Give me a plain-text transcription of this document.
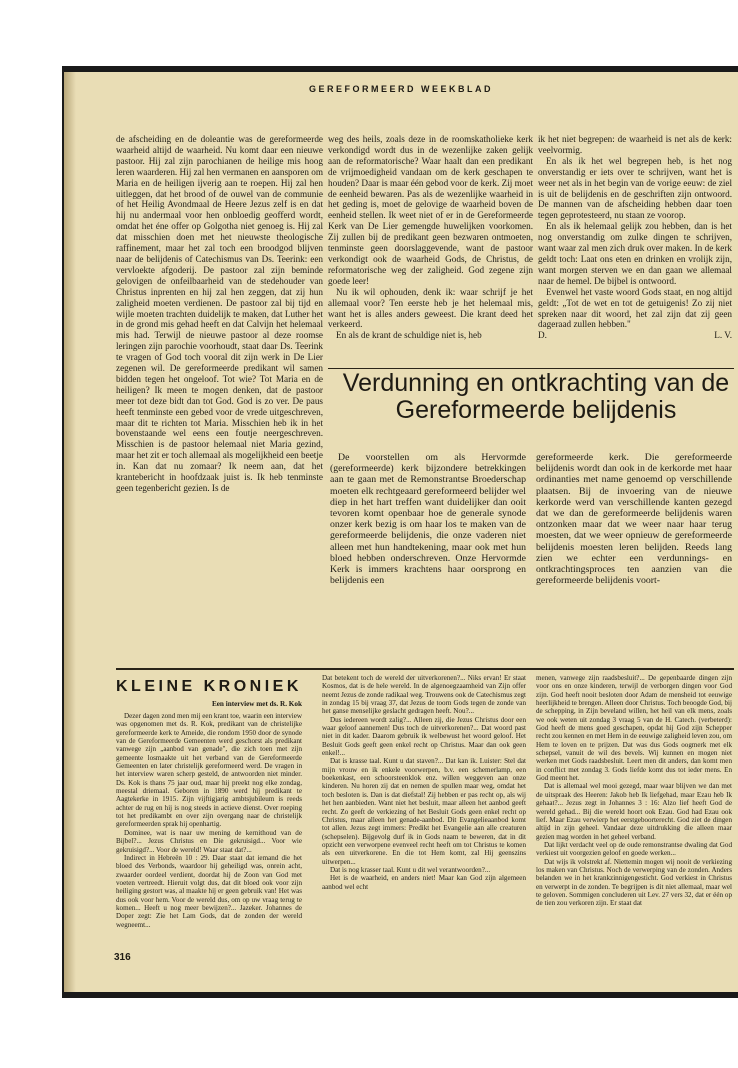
GEREFORMEERD WEEKBLAD

de afscheiding en de doleantie was de gereformeerde waarheid altijd de waarheid. Nu komt daar een nieuwe pastoor. Hij zal zijn parochianen de heilige mis hoog leren waarderen. Hij zal hen vermanen en aansporen om Maria en de heiligen ijverig aan te roepen. Hij zal hen uitleggen, dat het brood of de ouwel van de communie of het Heilig Avondmaal de Heere Jezus zelf is en dat hij nu andermaal voor hen onbloedig geofferd wordt, omdat het éne offer op Golgotha niet genoeg is. Hij zal dat misschien doen met het nieuwste theologische raffinement, maar het zal toch een broodgod blijven naar de belijdenis of Catechismus van Ds. Teerink: een vervloekte afgoderij. De pastoor zal zijn beminde gelovigen de onfeilbaarheid van de stedehouder van Christus inprenten en hij zal hen zeggen, dat zij hun zaligheid moeten verdienen. De pastoor zal bij tijd en wijle moeten trachten duidelijk te maken, dat Luther het in de grond mis gehad heeft en dat Calvijn het helemaal mis had. Terwijl de nieuwe pastoor al deze roomse leringen zijn parochie voorhoudt, staat daar Ds. Teerink te vragen of God toch vooral dit zijn werk in De Lier zegenen wil. De gereformeerde predikant wil samen bidden tegen het ongeloof. Tot wie? Tot Maria en de heiligen? Ik meen te mogen denken, dat de pastoor meer tot deze bidt dan tot God. God is zo ver. De paus heeft tenminste een gebed voor de vrede uitgeschreven, maar dit te richten tot Maria. Misschien heb ik in het bovenstaande wel eens een foutje neergeschreven. Misschien is de pastoor helemaal niet Maria gezind, maar het zit er toch allemaal als mogelijkheid een beetje in. Kan dat nu zomaar? Ik neem aan, dat het krantebericht in hoofdzaak juist is. Ik heb tenminste geen tegenbericht gezien. Is de

weg des heils, zoals deze in de roomskatholieke kerk verkondigd wordt dus in de wezenlijke zaken gelijk aan de reformatorische? Waar haalt dan een predikant de vrijmoedigheid vandaan om de kerk geschapen te houden? Daar is maar één gebod voor de kerk. Zij moet de eenheid bewaren. Pas als de wezenlijke waarheid in het geding is, moet de gelovige de waarheid boven de eenheid stellen. Ik weet niet of er in de Gereformeerde Kerk van De Lier gemengde huwelijken voorkomen. Zij zullen bij de predikant geen bezwaren ontmoeten, tenminste geen doorslaggevende, want de pastoor verkondigt ook de waarheid Gods, de Christus, de reformatorische weg der zaligheid. God zegene zijn goede leer!

Nu ik wil ophouden, denk ik: waar schrijf je het allemaal voor? Ten eerste heb je het helemaal mis, want het is alles anders geweest. Die krant deed het verkeerd.

En als de krant de schuldige niet is, heb

ik het niet begrepen: de waarheid is net als de kerk: veelvormig.

En als ik het wel begrepen heb, is het nog onverstandig er iets over te schrijven, want het is weer net als in het begin van de vorige eeuw: de ziel is uit de belijdenis en de geschriften zijn ontwoord. De mannen van de afscheiding hebben daar toen tegen geprotesteerd, nu staan ze voorop.

En als ik helemaal gelijk zou hebben, dan is het nog onverstandig om zulke dingen te schrijven, want waar zal men zich druk over maken. In de kerk geldt toch: Laat ons eten en drinken en vrolijk zijn, want morgen sterven we en dan gaan we allemaal naar de hemel. De bijbel is ontwoord.

Evenwel het vaste woord Gods staat, en nog altijd geldt: „Tot de wet en tot de getuigenis! Zo zij niet spreken naar dit woord, het zal zijn dat zij geen dageraad zullen hebben."

D.	L. V.
Verdunning en ontkrachting van de Gereformeerde belijdenis

De voorstellen om als Hervormde (gereformeerde) kerk bijzondere betrekkingen aan te gaan met de Remonstrantse Broederschap moeten elk rechtgeaard gereformeerd belijder wel diep in het hart treffen want duidelijker dan ooit tevoren komt openbaar hoe de generale synode onzer kerk bezig is om haar los te maken van de gereformeerde belijdenis, die onze vaderen niet alleen met hun handtekening, maar ook met hun bloed hebben onderschreven. Onze Hervormde Kerk is immers krachtens haar oorsprong en belijdenis een

gereformeerde kerk. Die gereformeerde belijdenis wordt dan ook in de kerkorde met haar ordinanties met name genoemd op verschillende plaatsen. Bij de invoering van de nieuwe kerkorde werd van verschillende kanten gezegd dat we dan de gereformeerde belijdenis waren ontzonken maar dat we weer naar haar terug moesten, dat we weer opnieuw de gereformeerde belijdenis moesten leren belijden. Reeds lang zien we echter een verdunnings- en ontkrachtingsproces ten aanzien van die gereformeerde belijdenis voort-

KLEINE KRONIEK
Een interview met ds. R. Kok

Dezer dagen zond men mij een krant toe, waarin een interview was opgenomen met ds. R. Kok, predikant van de christelijke gereformeerde kerk te Ameide, die rondom 1950 door de synode van de Gereformeerde Gemeenten werd geschorst als predikant vanwege zijn „aanbod van genade", die zich toen met zijn gemeente losmaakte uit het verband van de Gereformeerde Gemeenten en later christelijk gereformeerd werd. De vragen in het interview waren scherp gesteld, de antwoorden niet minder. Ds. Kok is thans 75 jaar oud, maar hij preekt nog elke zondag, meestal driemaal. Geboren in 1890 werd hij predikant te Aagtekerke in 1915. Zijn vijftigjarig ambtsjubileum is reeds achter de rug en hij is nog steeds in actieve dienst. Over roeping tot het predikambt en over zijn overgang naar de christelijk gereformeerden sprak hij openhartig.

Dominee, wat is naar uw mening de kernithoud van de Bijbel?... Jezus Christus en Die gekruisigd... Voor wie gekruisigd?... Voor de wereld! Waar staat dat?...

Indirect in Hebreën 10 : 29. Daar staat dat iemand die het bloed des Verbonds, waardoor hij geheiligd was, onrein acht, zwaarder oordeel verdient, doordat hij de Zoon van God met voeten vertreedt. Hieruit volgt dus, dat dit bloed ook voor zijn heiliging gestort was, al maakte hij er geen gebruik van! Het was dus ook voor hem. Voor de wereld dus, om op uw vraag terug te komen... Heeft u nog meer bewijzen?... Jazeker. Johannes de Doper zegt: Zie het Lam Gods, dat de zonden der wereld wegneemt...

Dat betekent toch de wereld der uitverkorenen?... Niks ervan! Er staat Kosmos, dat is de hele wereld. In de algenoegzaamheid van Zijn offer neemt Jezus de zonde radikaal weg. Trouwens ook de Catechismus zegt in zondag 15 bij vraag 37, dat Jezus de toorn Gods tegen de zonde van het ganse menselijke geslacht gedragen heeft. Nou?...

Dus iedereen wordt zalig?... Alleen zij, die Jezus Christus door een waar geloof aannemen! Dus toch de uitverkorenen?... Dat woord past niet in dit kader. Daarom gebruik ik welbewust het woord geloof. Het Besluit Gods geeft geen enkel recht op Christus. Maar dan ook geen enkel!...

Dat is krasse taal. Kunt u dat staven?... Dat kan ik. Luister: Stel dat mijn vrouw en ik enkele voorwerpen, b.v. een schemerlamp, een boekenkast, een schoorsteenklok enz. willen weggeven aan onze kinderen. Nu horen zij dat en nemen de spullen maar weg, omdat het toch besloten is. Dan is dat diefstal! Zij hebben er pas recht op, als wij het hen aanbieden. Want niet het besluit, maar alleen het aanbod geeft recht. Zo geeft de verkiezing of het Besluit Gods geen enkel recht op Christus, maar alleen het genade-aanbod. Dit Evangelieaanbod komt tot allen. Jezus zegt immers: Predikt het Evangelie aan alle creaturen (schepselen). Bijgevolg durf ik in Gods naam te beweren, dat in dit opzicht een verworpene evenveel recht heeft om tot Christus te komen als een uitverkorene. En die tot Hem komt, zal Hij geenszins uitwerpen...

Dat is nog krasser taal. Kunt u dit wel verantwoorden?...

Het is de waarheid, en anders niet! Maar kan God zijn algemeen aanbod wel echt

menen, vanwege zijn raadsbesluit?... De gepenbaarde dingen zijn voor ons en onze kinderen, terwijl de verborgen dingen voor God zijn. God heeft nooit besloten door Adam de mensheid tot eeuwige heerlijkheid te brengen. Alleen door Christus. Toch beoogde God, bij de schepping, in Zijn beveland willen, het heil van elk mens, zoals we ook weten uit zondag 3 vraag 5 van de H. Catech. (verbeterd): God heeft de mens goed geschapen, opdat hij God zijn Schepper recht zou kennen en met Hem in de eeuwige zaligheid leven zou, om Hem te loven en te prijzen. Dat was dus Gods oogmerk met elk schepsel, vanuit de wil des bevels. Wij kunnen en mogen niet werken met Gods raadsbesluit. Leert men dit anders, dan komt men in conflict met zondag 3. Gods liefde komt dus tot ieder mens. En God meent het.

Dat is allemaal wel mooi gezegd, maar waar blijven we dan met de uitspraak des Heeren: Jakob heb Ik liefgehad, maar Ezau heb Ik gehaat?... Jezus zegt in Johannes 3 : 16: Alzo lief heeft God de wereld gehad... Bij die wereld hoort ook Ezau. God had Ezau ook lief. Maar Ezau verwierp het eerstgeboorterecht. God ziet de dingen altijd in zijn geheel. Vandaar deze uitdrukking die alleen maar gezien mag worden in het geheel verband.

Dat lijkt verdacht veel op de oude remonstrantse dwaling dat God verkiest uit voorgezien geloof en goede werken...

Dat wijs ik volstrekt af. Niettemin mogen wij nooit de verkiezing los maken van Christus. Noch de verwerping van de zonden. Anders belanden we in het krankzinnigengesticht. God verkiest in Christus en verwerpt in de zonden. Te begrijpen is dit niet allemaal, maar wel te geloven. Sommigen concluderen uit Lev. 27 vers 32, dat er één op de tien zou verkoren zijn. Er staat dat

316
